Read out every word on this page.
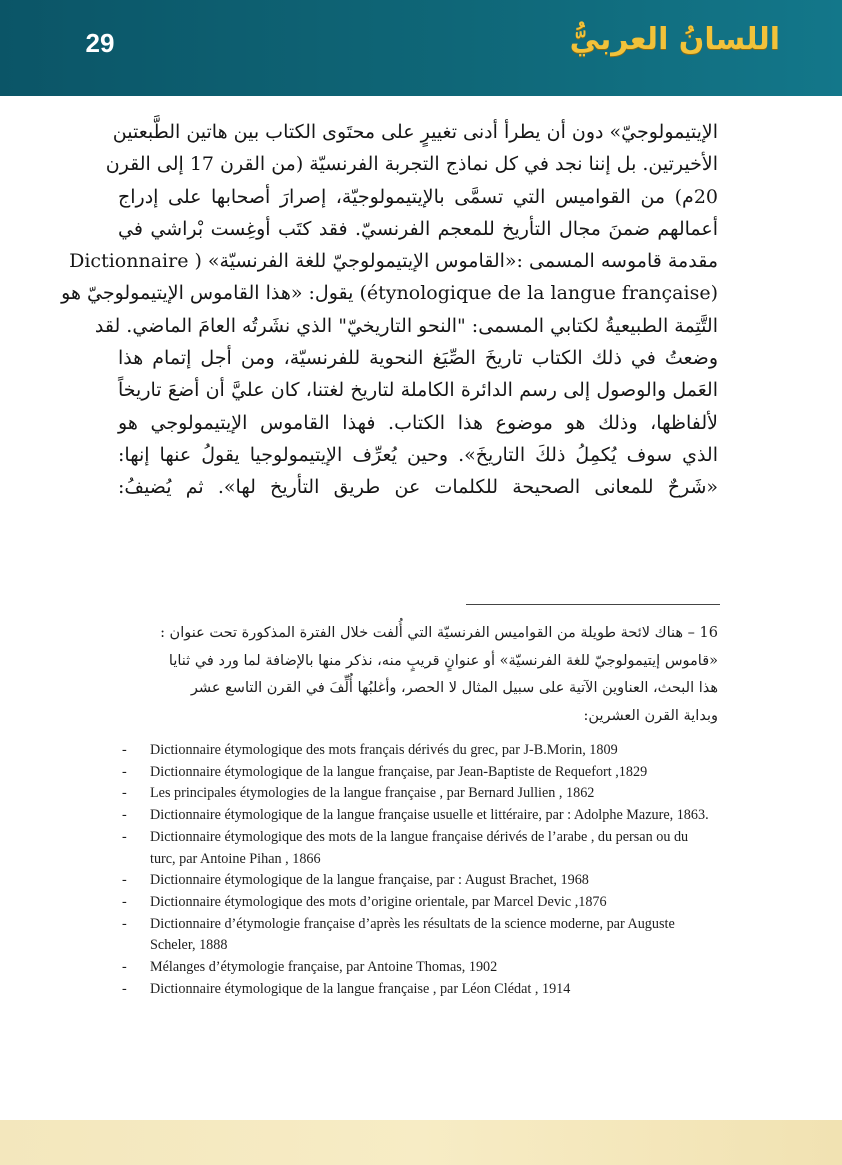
29	اللسانُ العربيُّ
الإيتيمولوجيّ» دون أن يطرأ أدنى تغييرٍ على محتَوى الكتاب بين هاتين الطَّبعتين
الأخيرتين. بل إننا نجد في كل نماذج التجربة الفرنسيّة (من القرن 17 إلى القرن
20م) من القواميس التي تسمَّى بالإيتيمولوجيّة، إصرارَ أصحابها على إدراج
أعمالهم ضمنَ مجال التأريخ للمعجم الفرنسيّ. فقد كتَب أوغِست بْراشي في
مقدمة قاموسه المسمى :«القاموس الإيتيمولوجيّ للغة الفرنسيّة» ( Dictionnaire
(étynologique de la langue française) يقول: «هذا القاموس الإيتيمولوجيّ هو
التَّتِمة الطبيعيةُ لكتابي المسمى: "النحو التاريخيّ" الذي نشَرتُه العامَ الماضي. لقد
وضعتُ في ذلك الكتاب تاريخَ الصِّيَغ النحوية للفرنسيّة، ومن أجل إتمام هذا
العَمل والوصول إلى رسم الدائرة الكاملة لتاريخ لغتنا، كان عليَّ أن أضعَ تاريخاً
لألفاظها، وذلك هو موضوع هذا الكتاب. فهذا القاموس الإيتيمولوجي هو
الذي سوف يُكمِلُ ذلكَ التاريخَ». وحين يُعرِّف الإيتيمولوجيا يقولُ عنها إنها:
«شَرحٌ للمعانى الصحيحة للكلمات عن طريق التأريخ لها». ثم يُضيفُ:
16 – هناك لائحة طويلة من القواميس الفرنسيّة التي أُلفت خلال الفترة المذكورة تحت عنوان :
«قاموس إيتيمولوجيّ للغة الفرنسيّة» أو عنوانٍ قريبٍ منه، نذكر منها بالإضافة لما ورد في ثنايا
هذا البحث، العناوين الآتية على سبيل المثال لا الحصر، وأغلبُها أُلِّفَ في القرن التاسع عشر
وبداية القرن العشرين:
- Dictionnaire étymologique des mots français dérivés du grec, par J-B.Morin, 1809
- Dictionnaire étymologique de la langue française, par Jean-Baptiste de Requefort ,1829
- Les principales étymologies de la langue française , par Bernard Jullien , 1862
- Dictionnaire étymologique de la langue française usuelle et littéraire, par : Adolphe Mazure, 1863.
- Dictionnaire étymologique des mots de la langue française dérivés de l’arabe , du persan ou du turc, par Antoine Pihan , 1866
- Dictionnaire étymologique de la langue française, par : August Brachet, 1968
- Dictionnaire étymologique des mots d’origine orientale, par Marcel Devic ,1876
- Dictionnaire d’étymologie française d’après les résultats de la science moderne, par Auguste Scheler, 1888
- Mélanges d’étymologie française, par Antoine Thomas, 1902
- Dictionnaire étymologique de la langue française , par Léon Clédat , 1914
